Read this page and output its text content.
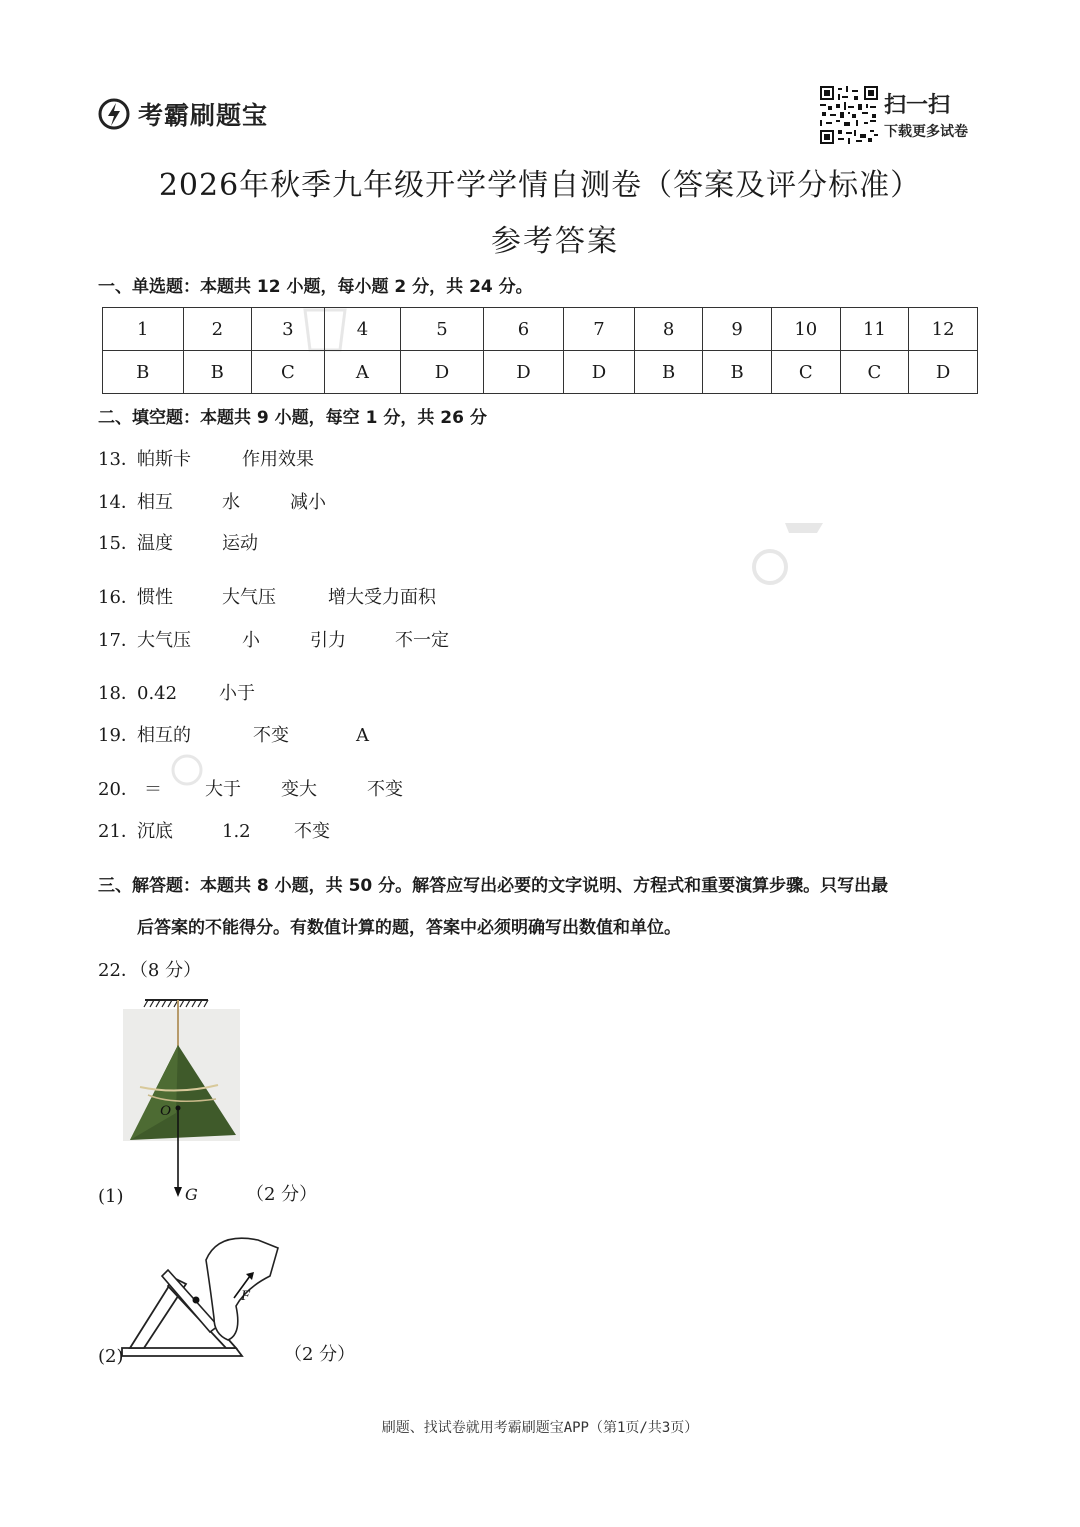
考霸刷题宝	扫一扫
下载更多试卷
2026年秋季九年级开学学情自测卷（答案及评分标准）
参考答案
一、单选题：本题共 12 小题，每小题 2 分，共 24 分。
1	2	3	4	5	6	7	8	9	10	11	12
B	B	C	A	D	D	D	B	B	C	C	D
二、填空题：本题共 9 小题，每空 1 分，共 26 分
13．
帕斯卡	作用效果
14．
相互	水	减小
15．
温度	运动
16．
惯性	大气压	增大受力面积
17．
大气压	小	引力	不一定
18．
0.42 小于
19．
相互的	不变	A
20． ＝ 大于 变大	不变
21．
沉底	1.2 不变
三、解答题：本题共 8 小题，共 50 分。解答应写出必要的文字说明、方程式和重要演算步骤。只写出最
后答案的不能得分。有数值计算的题，答案中必须明确写出数值和单位。
22．（8 分）
O
(1)	G	（2 分）
F
(2)	（2 分）
刷题、找试卷就用考霸刷题宝APP（第1页/共3页）
